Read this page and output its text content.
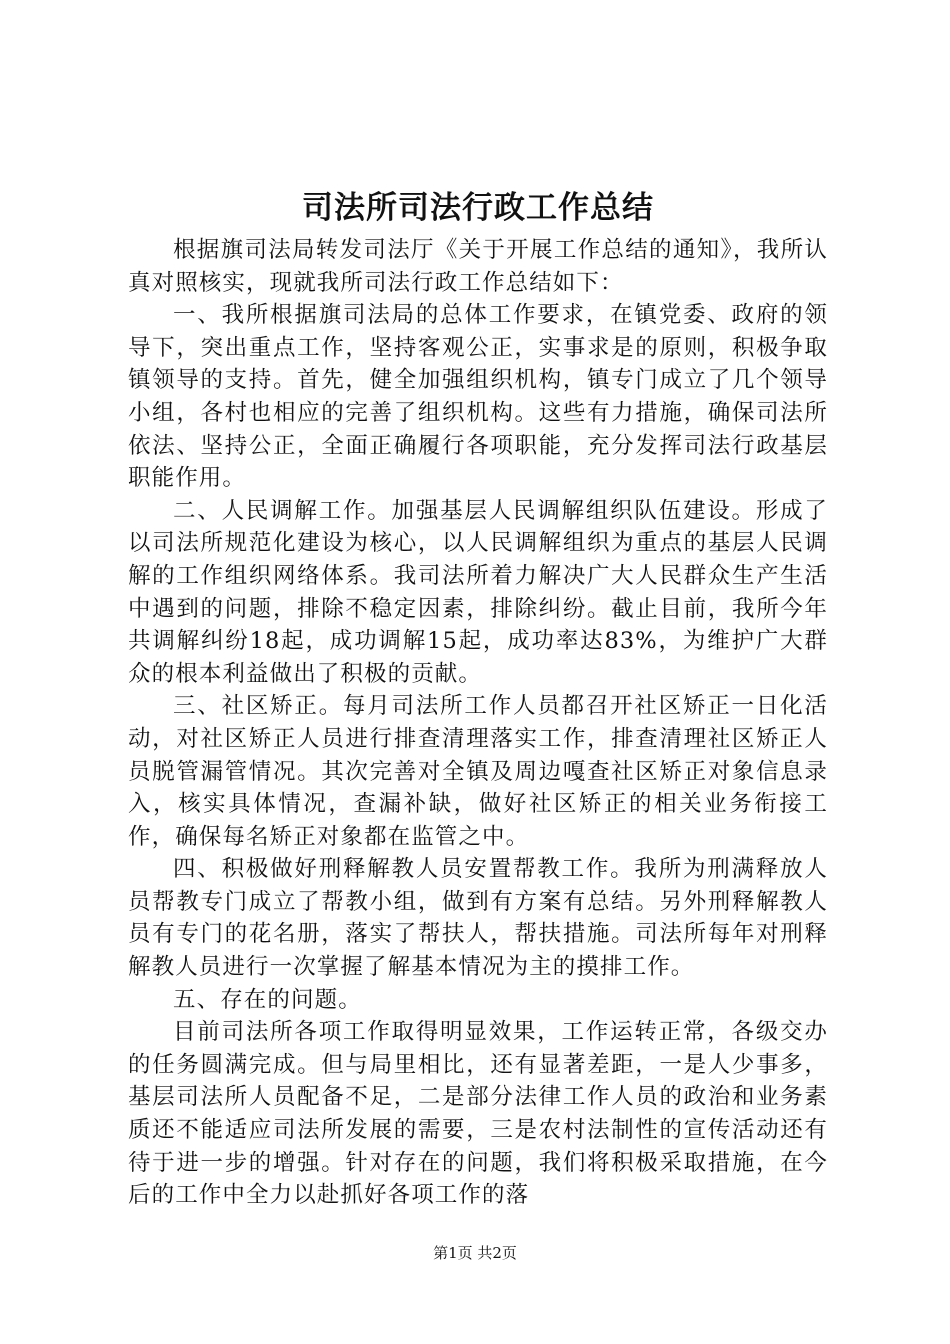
司法所司法行政工作总结

根据旗司法局转发司法厅《关于开展工作总结的通知》，我所认真对照核实，现就我所司法行政工作总结如下：

一、我所根据旗司法局的总体工作要求，在镇党委、政府的领导下，突出重点工作，坚持客观公正，实事求是的原则，积极争取镇领导的支持。首先，健全加强组织机构，镇专门成立了几个领导小组，各村也相应的完善了组织机构。这些有力措施，确保司法所依法、坚持公正，全面正确履行各项职能，充分发挥司法行政基层职能作用。

二、人民调解工作。加强基层人民调解组织队伍建设。形成了以司法所规范化建设为核心，以人民调解组织为重点的基层人民调解的工作组织网络体系。我司法所着力解决广大人民群众生产生活中遇到的问题，排除不稳定因素，排除纠纷。截止目前，我所今年共调解纠纷18起，成功调解15起，成功率达83%，为维护广大群众的根本利益做出了积极的贡献。

三、社区矫正。每月司法所工作人员都召开社区矫正一日化活动，对社区矫正人员进行排查清理落实工作，排查清理社区矫正人员脱管漏管情况。其次完善对全镇及周边嘎查社区矫正对象信息录入，核实具体情况，查漏补缺，做好社区矫正的相关业务衔接工作，确保每名矫正对象都在监管之中。

四、积极做好刑释解教人员安置帮教工作。我所为刑满释放人员帮教专门成立了帮教小组，做到有方案有总结。另外刑释解教人员有专门的花名册，落实了帮扶人，帮扶措施。司法所每年对刑释解教人员进行一次掌握了解基本情况为主的摸排工作。

五、存在的问题。

目前司法所各项工作取得明显效果，工作运转正常，各级交办的任务圆满完成。但与局里相比，还有显著差距，一是人少事多，基层司法所人员配备不足，二是部分法律工作人员的政治和业务素质还不能适应司法所发展的需要，三是农村法制性的宣传活动还有待于进一步的增强。针对存在的问题，我们将积极采取措施，在今后的工作中全力以赴抓好各项工作的落

第1页 共2页
